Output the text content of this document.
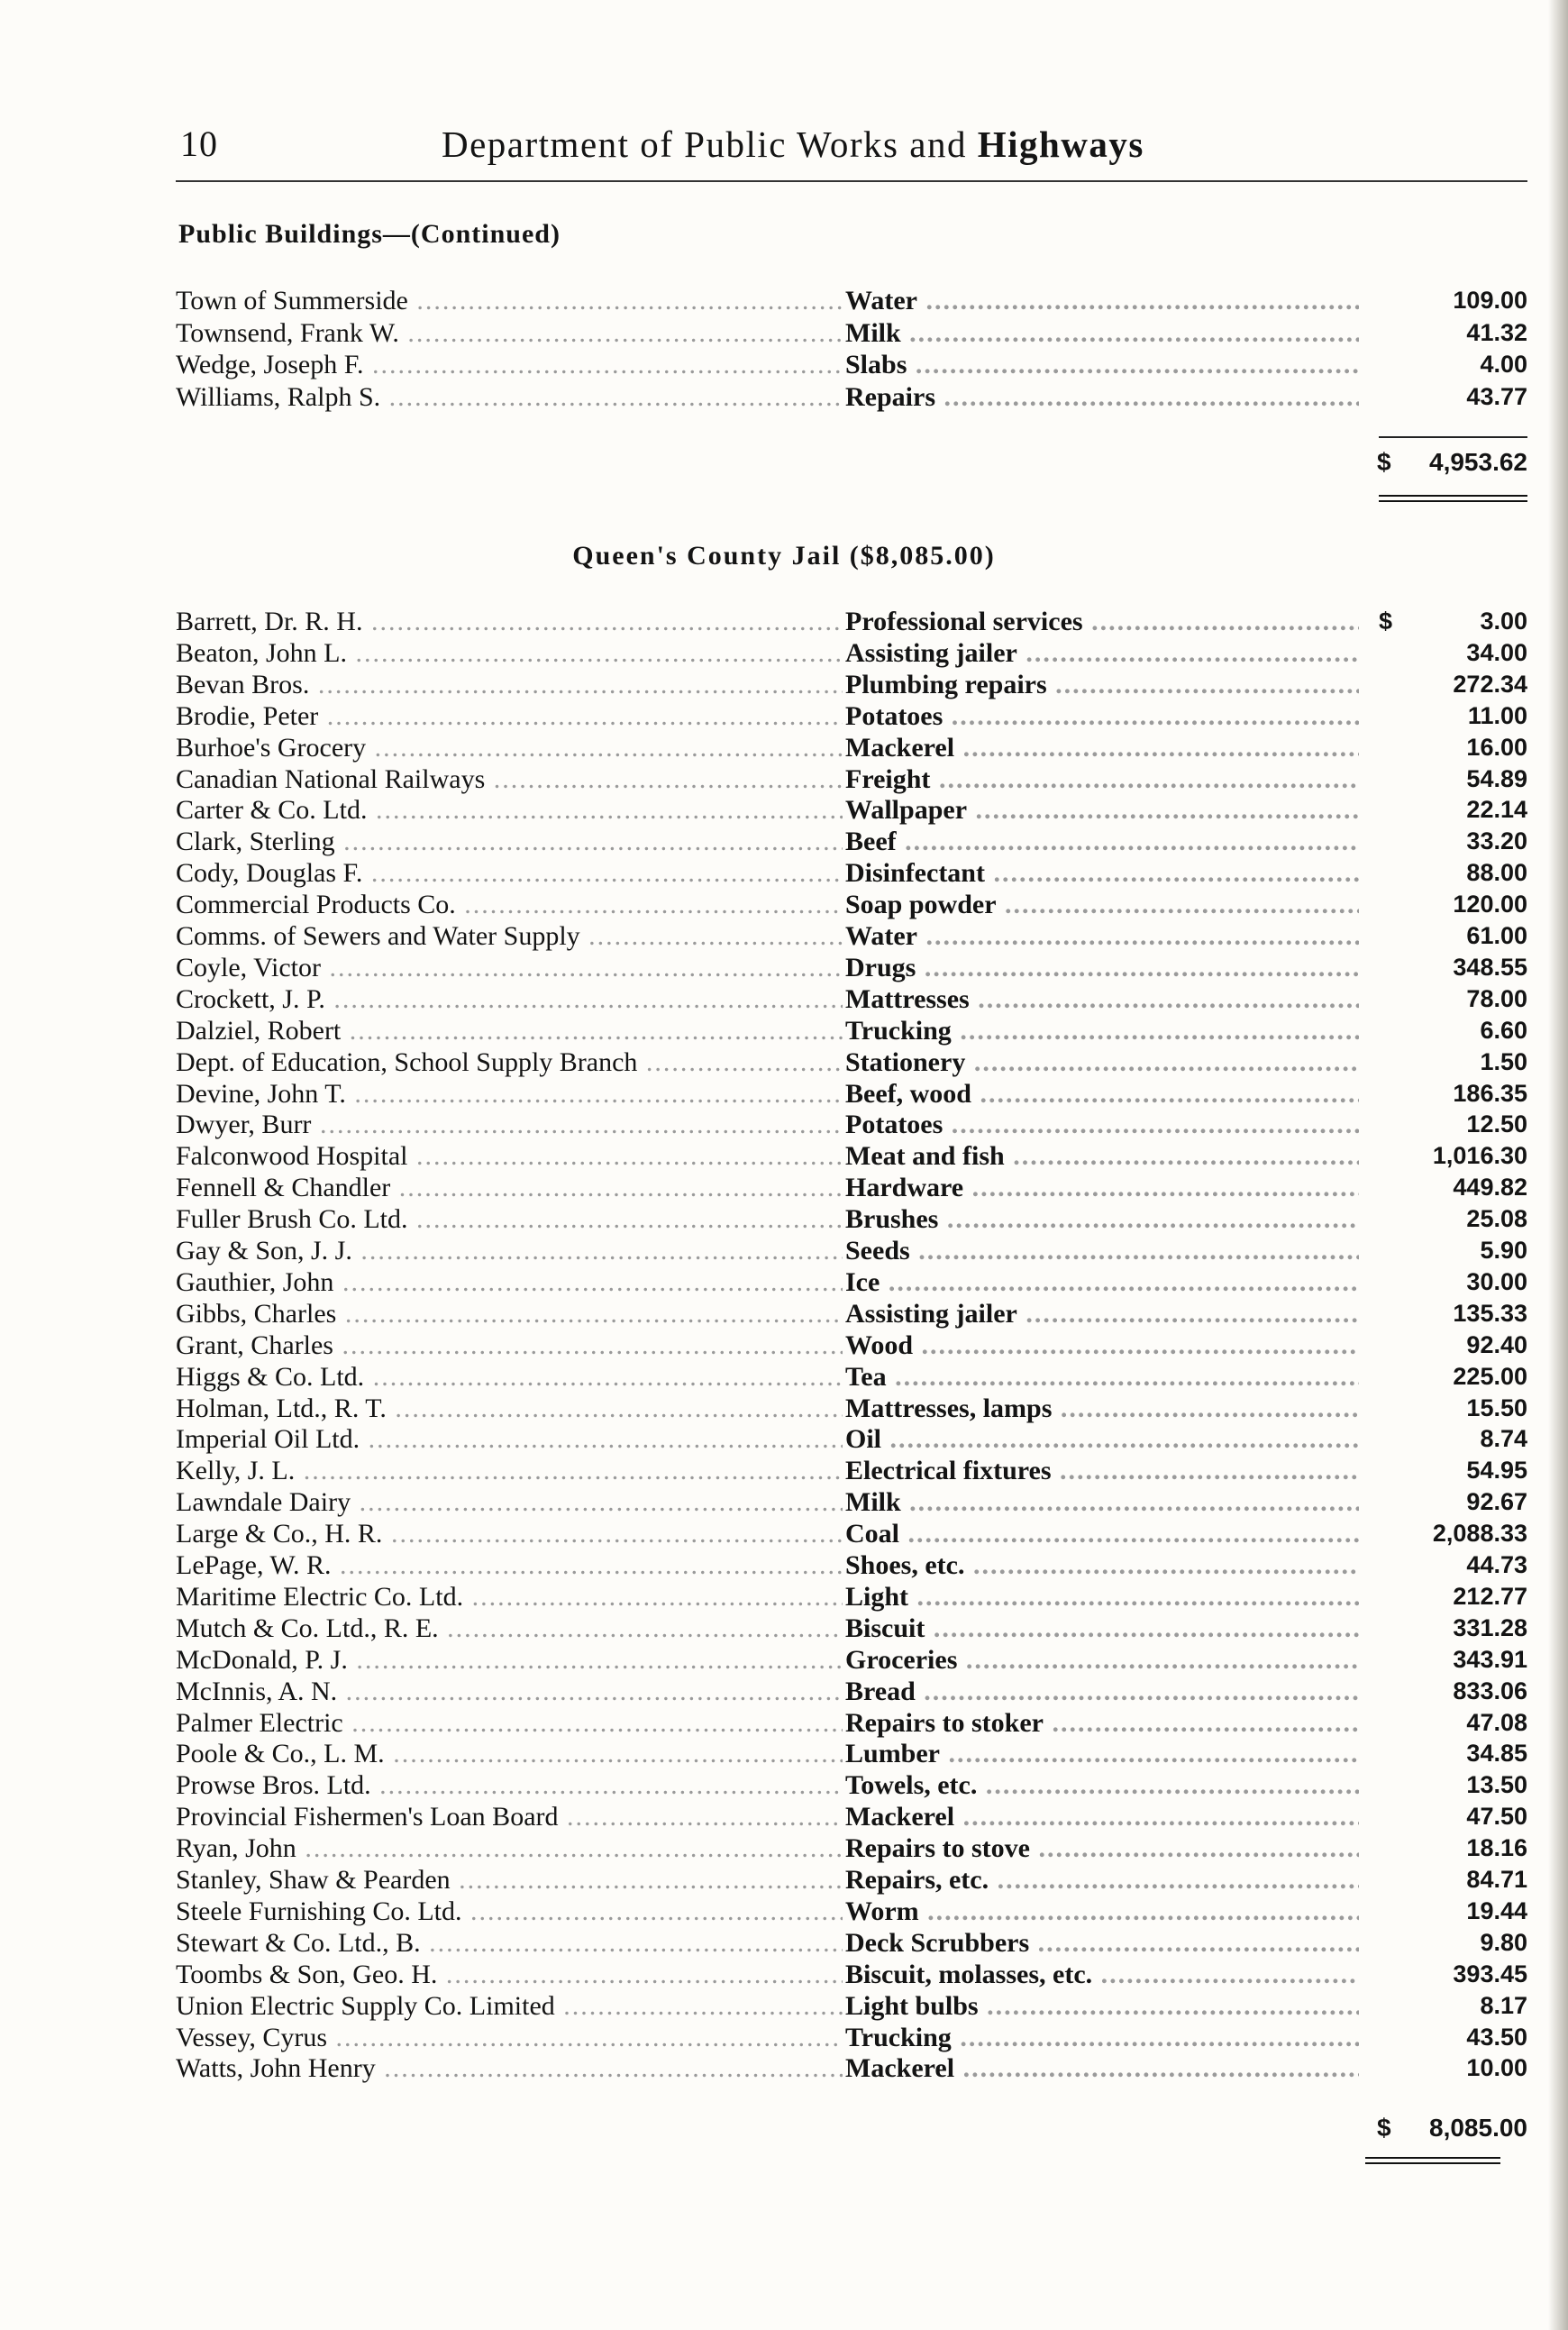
10	Department of Public Works and Highways
Public Buildings—(Continued)
Town of Summerside .....	Water .....	109.00
Townsend, Frank W. .....	Milk .....	41.32
Wedge, Joseph F. .....	Slabs .....	4.00
Williams, Ralph S. .....	Repairs .....	43.77
$ 4,953.62
Queen's County Jail ($8,085.00)
Barrett, Dr. R. H. .....	Professional services .....	3.00
Beaton, John L. .....	Assisting jailer .....	34.00
Bevan Bros. .....	Plumbing repairs .....	272.34
Brodie, Peter .....	Potatoes .....	11.00
Burhoe's Grocery .....	Mackerel .....	16.00
Canadian National Railways .....	Freight .....	54.89
Carter & Co. Ltd. .....	Wallpaper .....	22.14
Clark, Sterling .....	Beef .....	33.20
Cody, Douglas F. .....	Disinfectant .....	88.00
Commercial Products Co. .....	Soap powder .....	120.00
Comms. of Sewers and Water Supply .....	Water .....	61.00
Coyle, Victor .....	Drugs .....	348.55
Crockett, J. P. .....	Mattresses .....	78.00
Dalziel, Robert .....	Trucking .....	6.60
Dept. of Education, School Supply Branch .....	Stationery .....	1.50
Devine, John T. .....	Beef, wood .....	186.35
Dwyer, Burr .....	Potatoes .....	12.50
Falconwood Hospital .....	Meat and fish .....	1,016.30
Fennell & Chandler .....	Hardware .....	449.82
Fuller Brush Co. Ltd. .....	Brushes .....	25.08
Gay & Son, J. J. .....	Seeds .....	5.90
Gauthier, John .....	Ice .....	30.00
Gibbs, Charles .....	Assisting jailer .....	135.33
Grant, Charles .....	Wood .....	92.40
Higgs & Co. Ltd. .....	Tea .....	225.00
Holman, Ltd., R. T. .....	Mattresses, lamps .....	15.50
Imperial Oil Ltd. .....	Oil .....	8.74
Kelly, J. L. .....	Electrical fixtures .....	54.95
Lawndale Dairy .....	Milk .....	92.67
Large & Co., H. R. .....	Coal .....	2,088.33
LePage, W. R. .....	Shoes, etc. .....	44.73
Maritime Electric Co. Ltd. .....	Light .....	212.77
Mutch & Co. Ltd., R. E. .....	Biscuit .....	331.28
McDonald, P. J. .....	Groceries .....	343.91
McInnis, A. N. .....	Bread .....	833.06
Palmer Electric .....	Repairs to stoker .....	47.08
Poole & Co., L. M. .....	Lumber .....	34.85
Prowse Bros. Ltd. .....	Towels, etc. .....	13.50
Provincial Fishermen's Loan Board .....	Mackerel .....	47.50
Ryan, John .....	Repairs to stove .....	18.16
Stanley, Shaw & Pearden .....	Repairs, etc. .....	84.71
Steele Furnishing Co. Ltd. .....	Worm .....	19.44
Stewart & Co. Ltd., B. .....	Deck Scrubbers .....	9.80
Toombs & Son, Geo. H. .....	Biscuit, molasses, etc. .....	393.45
Union Electric Supply Co. Limited .....	Light bulbs .....	8.17
Vessey, Cyrus .....	Trucking .....	43.50
Watts, John Henry .....	Mackerel .....	10.00
$
$ 8,085.00
